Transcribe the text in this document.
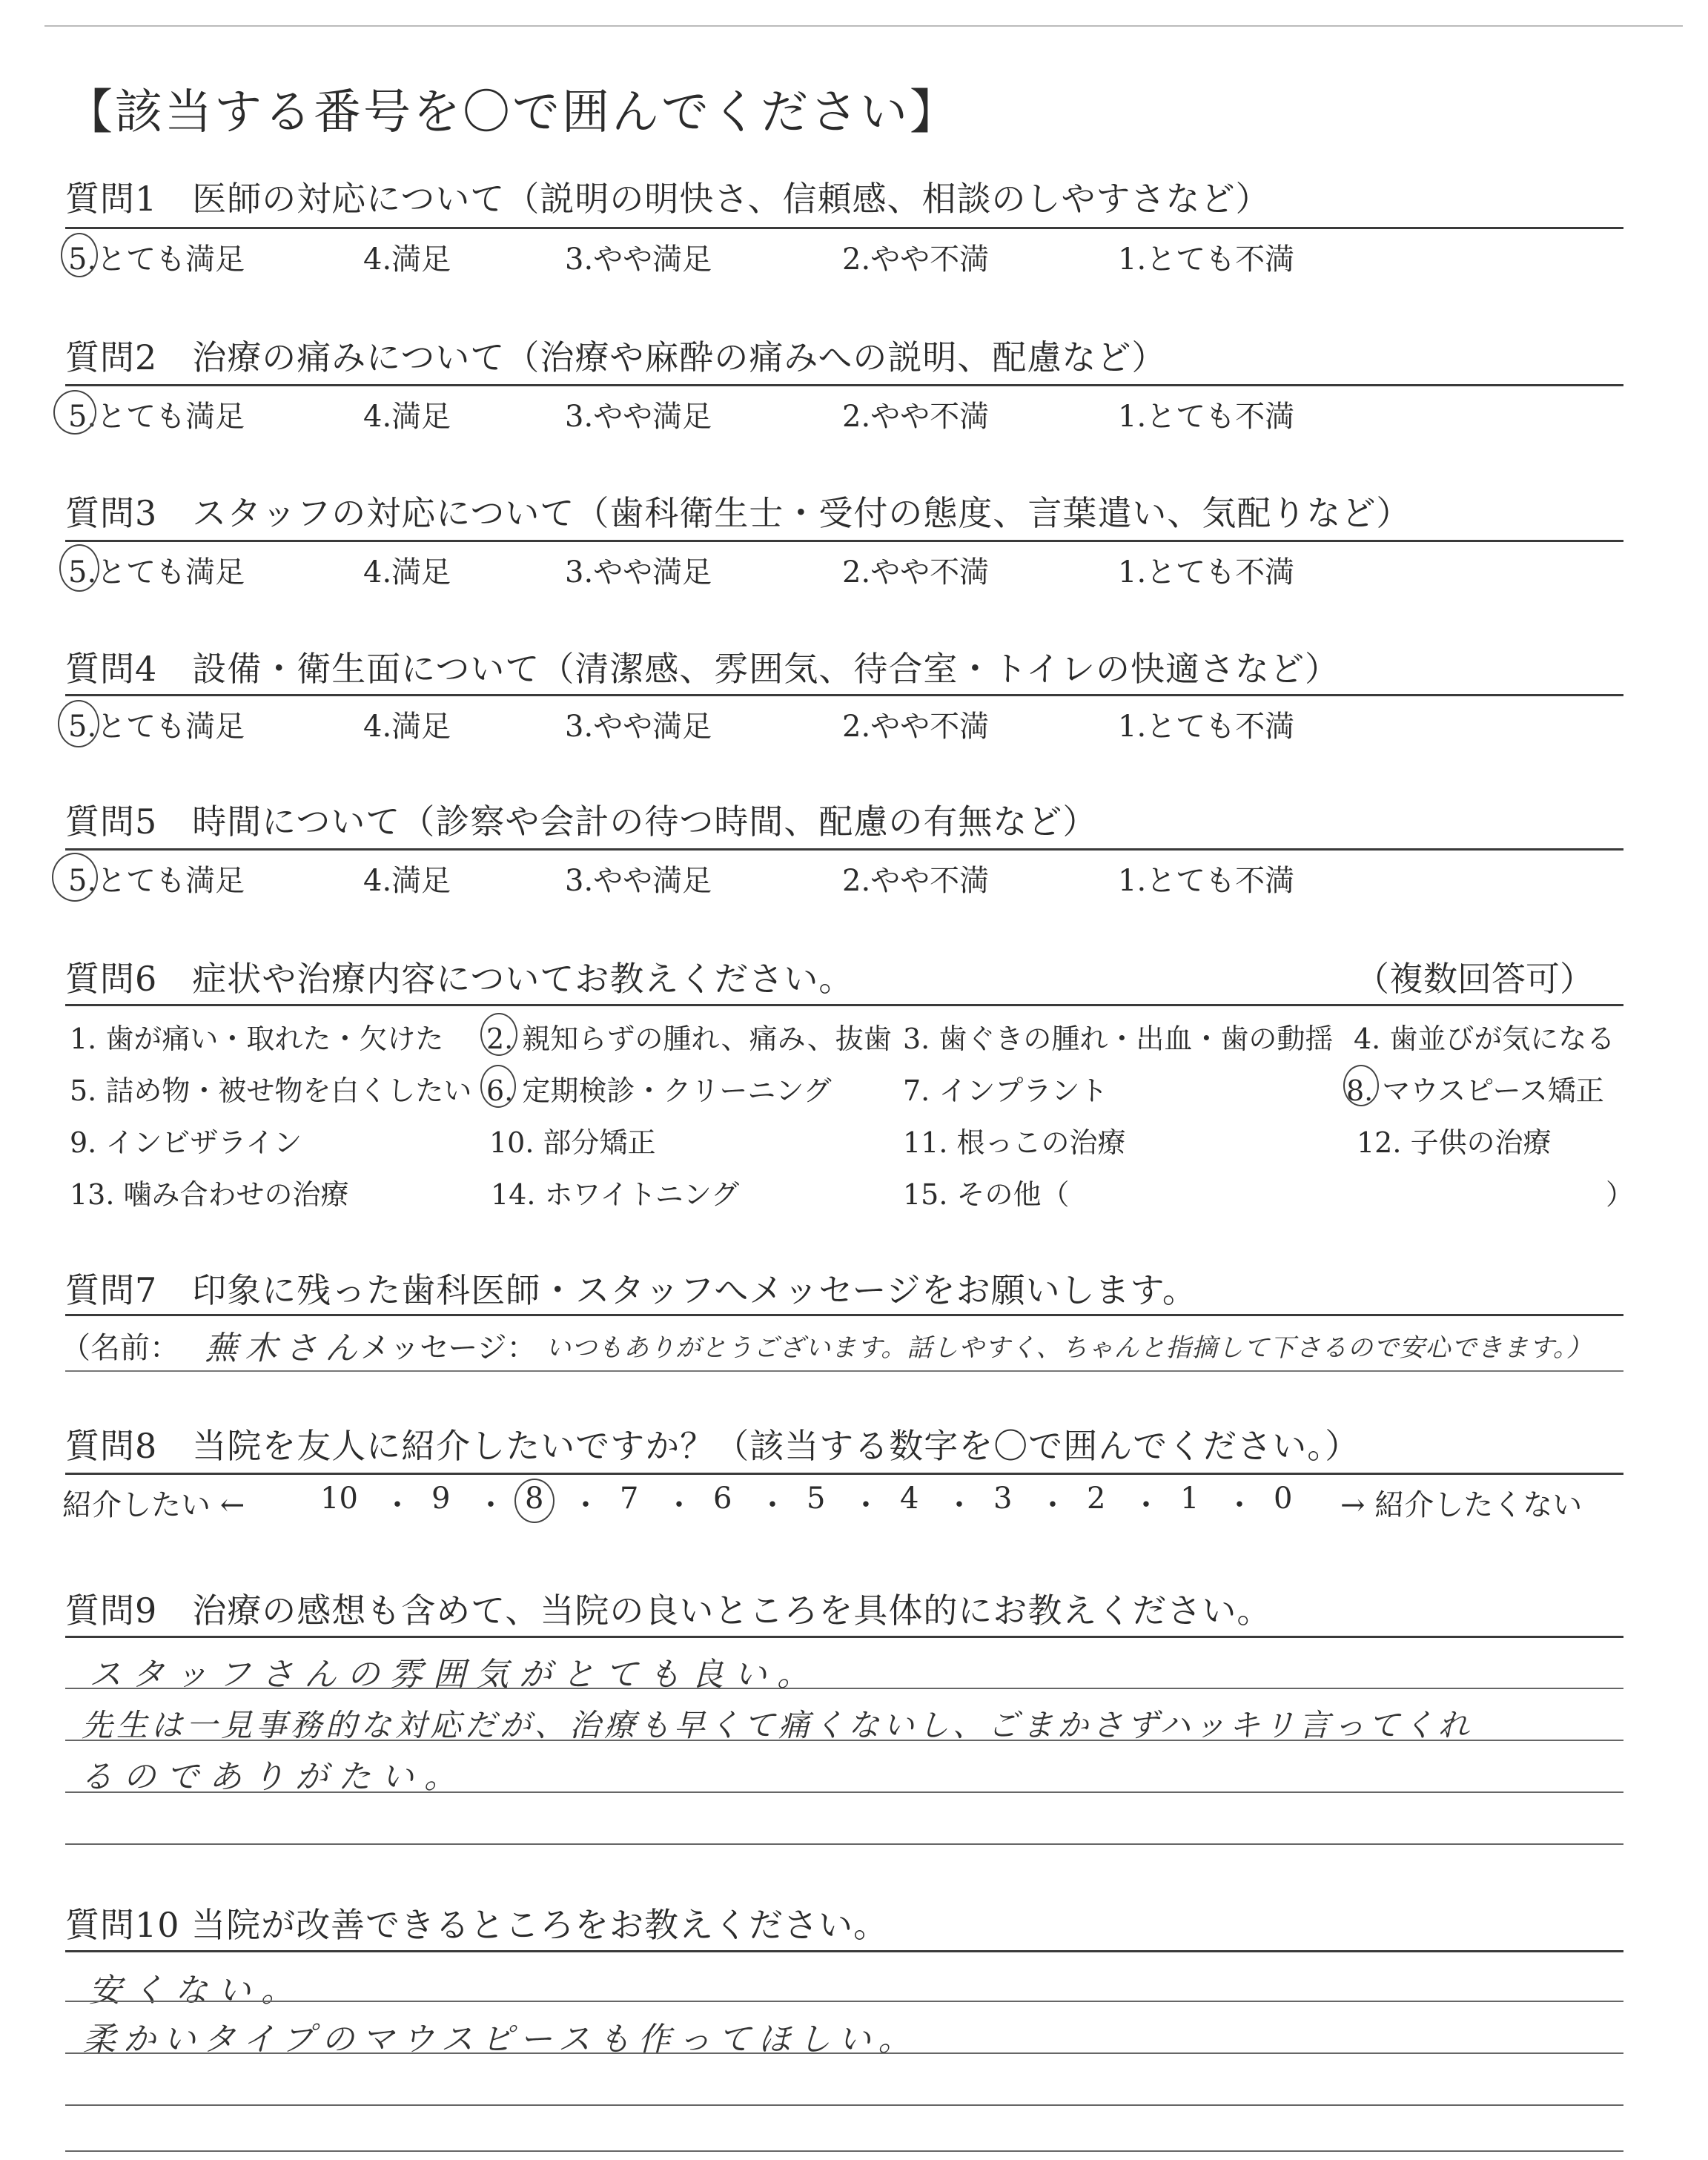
【該当する番号を〇で囲んでください】
質問1　医師の対応について（説明の明快さ、信頼感、相談のしやすさなど）
5.とても満足	4.満足	3.やや満足	2.やや不満	1.とても不満
質問2　治療の痛みについて（治療や麻酔の痛みへの説明、配慮など）
5.とても満足	4.満足	3.やや満足	2.やや不満	1.とても不満
質問3　スタッフの対応について（歯科衛生士・受付の態度、言葉遣い、気配りなど）
5.とても満足	4.満足	3.やや満足	2.やや不満	1.とても不満
質問4　設備・衛生面について（清潔感、雰囲気、待合室・トイレの快適さなど）
5.とても満足	4.満足	3.やや満足	2.やや不満	1.とても不満
質問5　時間について（診察や会計の待つ時間、配慮の有無など）
5.とても満足	4.満足	3.やや満足	2.やや不満	1.とても不満
質問6　症状や治療内容についてお教えください。	（複数回答可）
1. 歯が痛い・取れた・欠けた 2. 親知らずの腫れ、痛み、抜歯 3. 歯ぐきの腫れ・出血・歯の動揺 4. 歯並びが気になる
5. 詰め物・被せ物を白くしたい 6. 定期検診・クリーニング	7. インプラント	8. マウスピース矯正
9. インビザライン	10. 部分矯正	11. 根っこの治療	12. 子供の治療
13. 噛み合わせの治療	14. ホワイトニング	15. その他（	）
質問7　印象に残った歯科医師・スタッフへメッセージをお願いします。
（名前： 蕪木さん
メッセージ： いつもありがとうございます。話しやすく、ちゃんと指摘して下さるので安心できます。）
質問8　当院を友人に紹介したいですか？（該当する数字を〇で囲んでください。）
紹介したい ←	10 ・ 9 ・ 8 ・ 7 ・ 6 ・ 5 ・ 4 ・ 3 ・ 2 ・ 1 ・ 0 → 紹介したくない
質問9　治療の感想も含めて、当院の良いところを具体的にお教えください。
スタッフさんの雰囲気がとても良い。
先生は一見事務的な対応だが、治療も早くて痛くないし、ごまかさずハッキリ言ってくれ
るのでありがたい。
質問10 当院が改善できるところをお教えください。
安くない。
柔かいタイプのマウスピースも作ってほしい。
